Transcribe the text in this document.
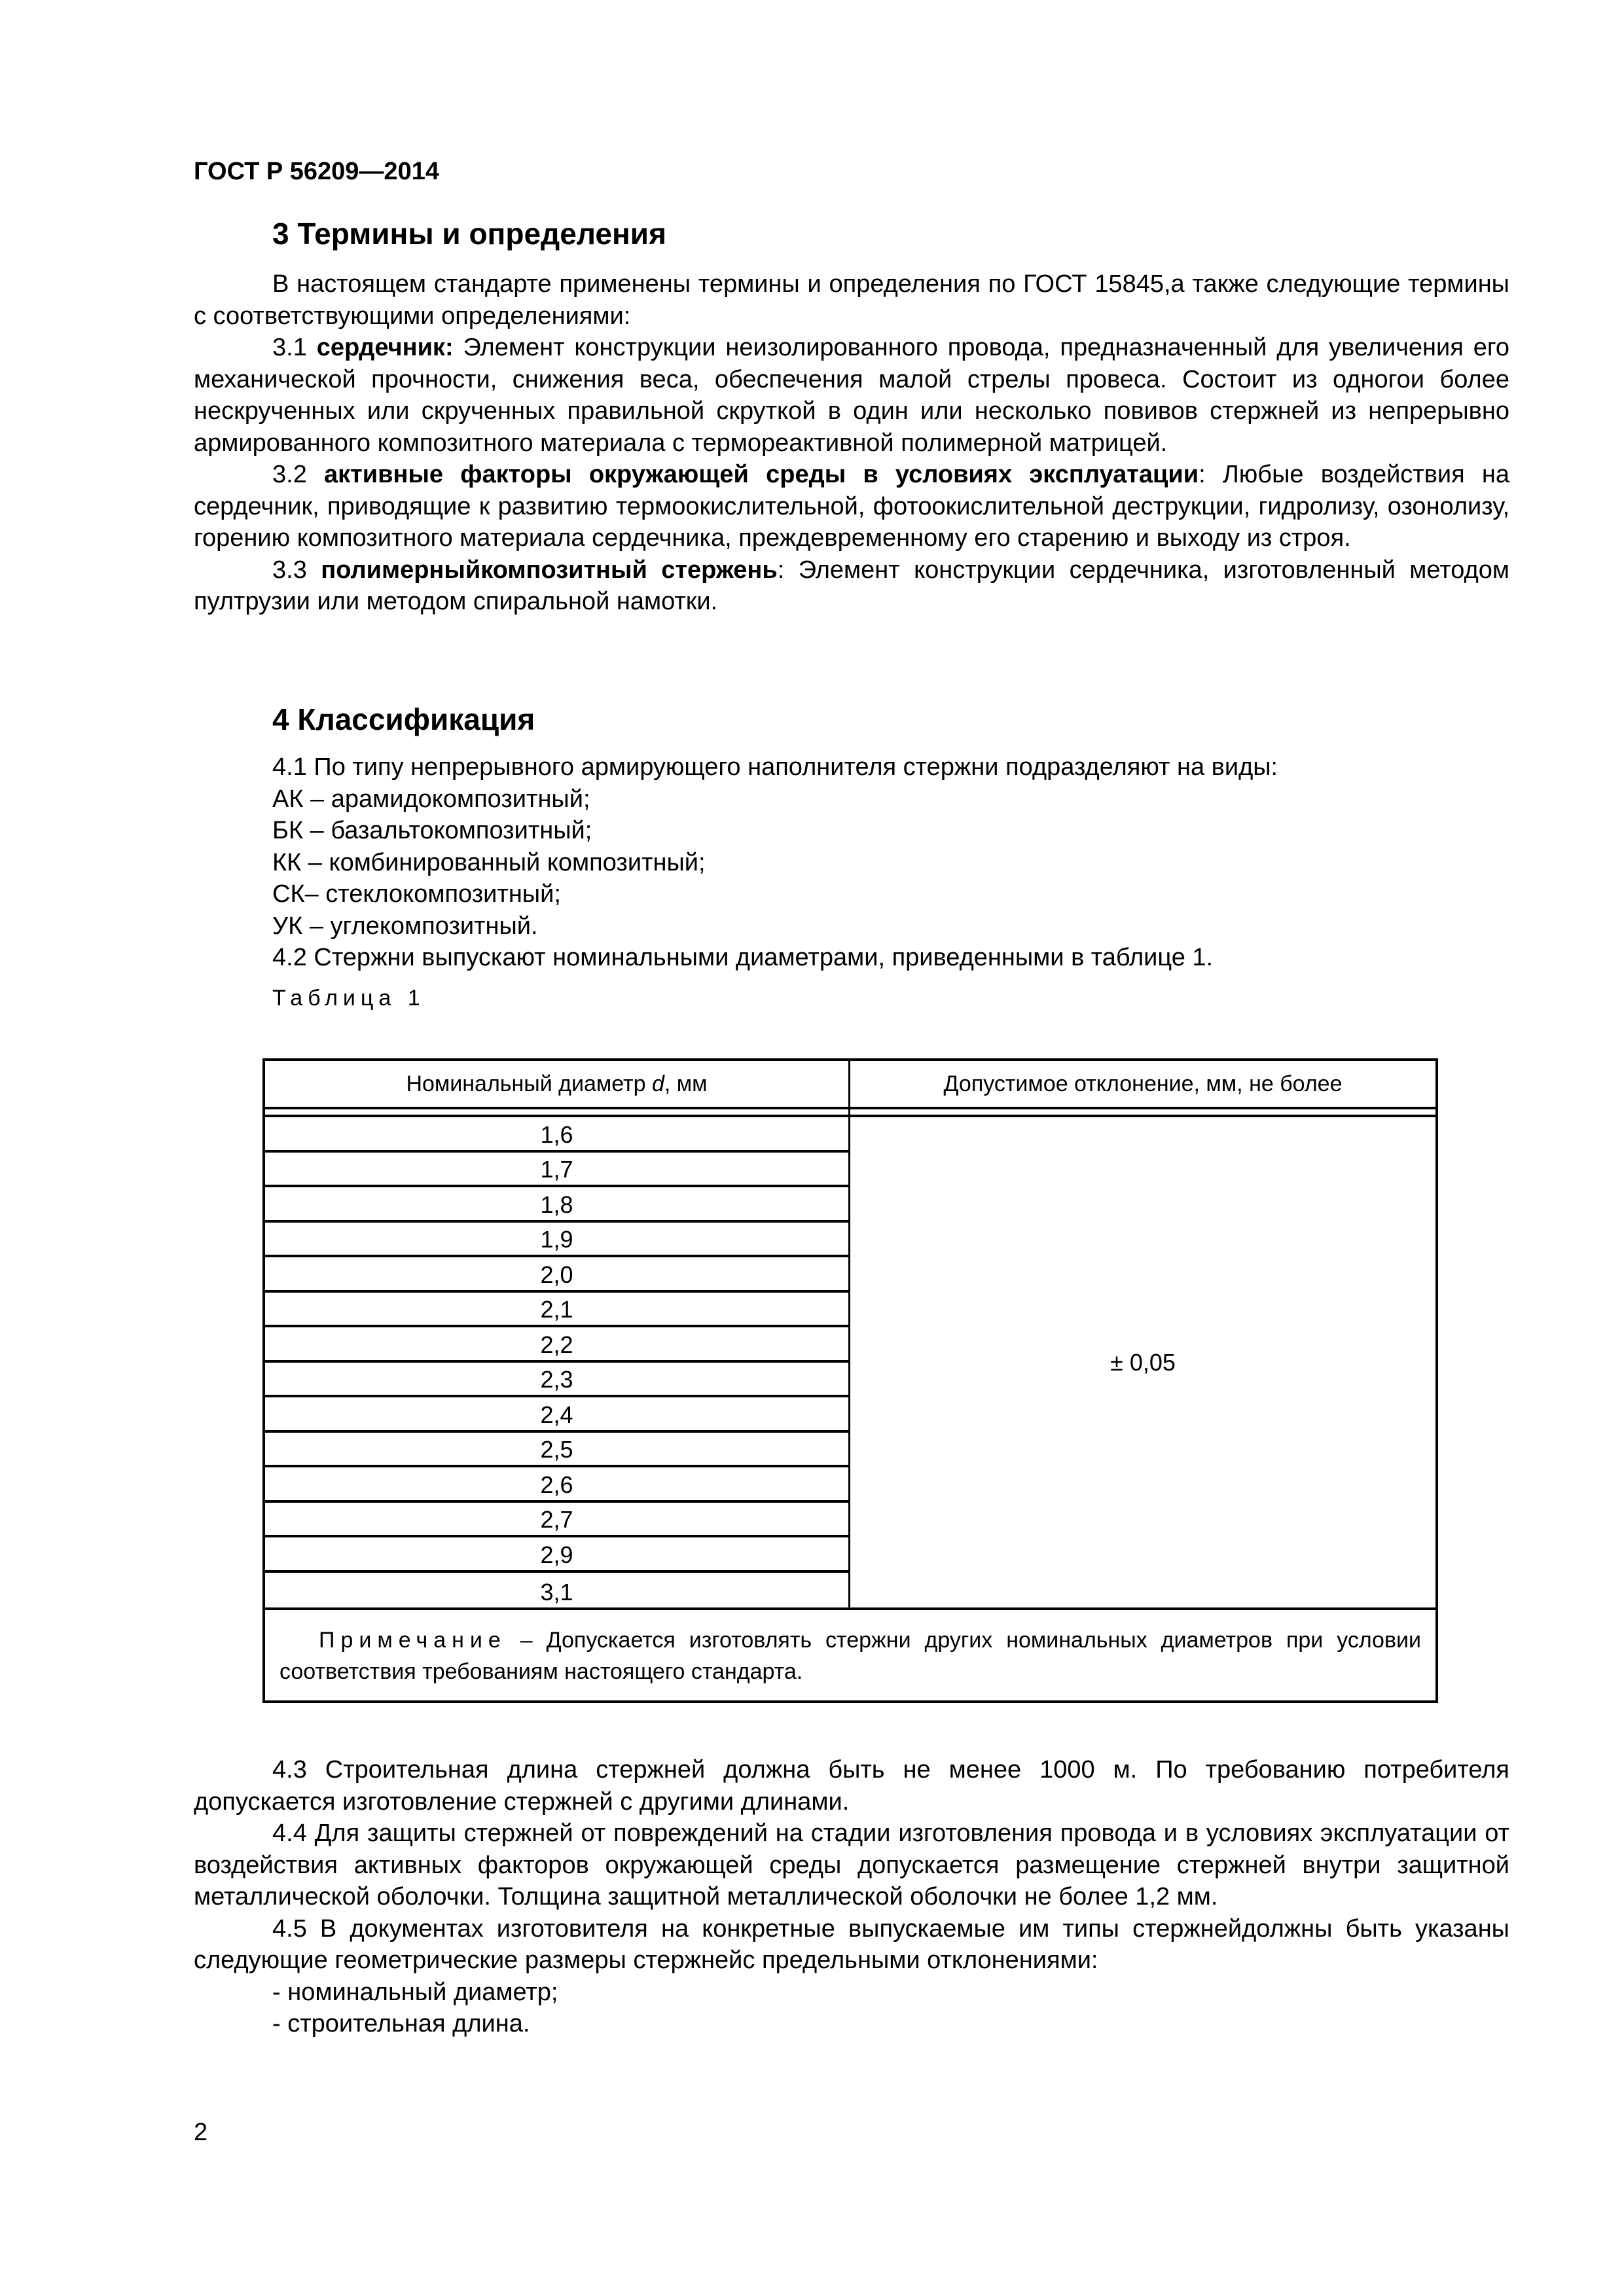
ГОСТ Р 56209—2014
3 Термины и определения

В настоящем стандарте применены термины и определения по ГОСТ 15845,а также следующие термины с соответствующими определениями:

3.1 сердечник: Элемент конструкции неизолированного провода, предназначенный для увеличения его механической прочности, снижения веса, обеспечения малой стрелы провеса. Состоит из одногои более нескрученных или скрученных правильной скруткой в один или несколько повивов стержней из непрерывно армированного композитного материала с термореактивной полимерной матрицей.

3.2 активные факторы окружающей среды в условиях эксплуатации: Любые воздействия на сердечник, приводящие к развитию термоокислительной, фотоокислительной деструкции, гидролизу, озонолизу, горению композитного материала сердечника, преждевременному его старению и выходу из строя.

3.3 полимерныйкомпозитный стержень: Элемент конструкции сердечника, изготовленный методом пултрузии или методом спиральной намотки.

4 Классификация

4.1 По типу непрерывного армирующего наполнителя стержни подразделяют на виды:

АК – арамидокомпозитный;

БК – базальтокомпозитный;

КК – комбинированный композитный;

СК– стеклокомпозитный;

УК – углекомпозитный.

4.2 Стержни выпускают номинальными диаметрами, приведенными в таблице 1.

Таблица 1
Номинальный диаметр d , мм	Допустимое отклонение, мм, не более
1,6
1,7
1,8
1,9
2,0
2,1
2,2
2,3
2,4
2,5
2,6
2,7
2,9
3,1
± 0,05

Примечание – Допускается изготовлять стержни других номинальных диаметров при условии соответствия требованиям настоящего стандарта.

4.3 Строительная длина стержней должна быть не менее 1000 м. По требованию потребителя допускается изготовление стержней с другими длинами.

4.4 Для защиты стержней от повреждений на стадии изготовления провода и в условиях эксплуатации от воздействия активных факторов окружающей среды допускается размещение стержней внутри защитной металлической оболочки. Толщина защитной металлической оболочки не более 1,2 мм.

4.5 В документах изготовителя на конкретные выпускаемые им типы стержнейдолжны быть указаны следующие геометрические размеры стержнейс предельными отклонениями:

- номинальный диаметр;

- строительная длина.

2
